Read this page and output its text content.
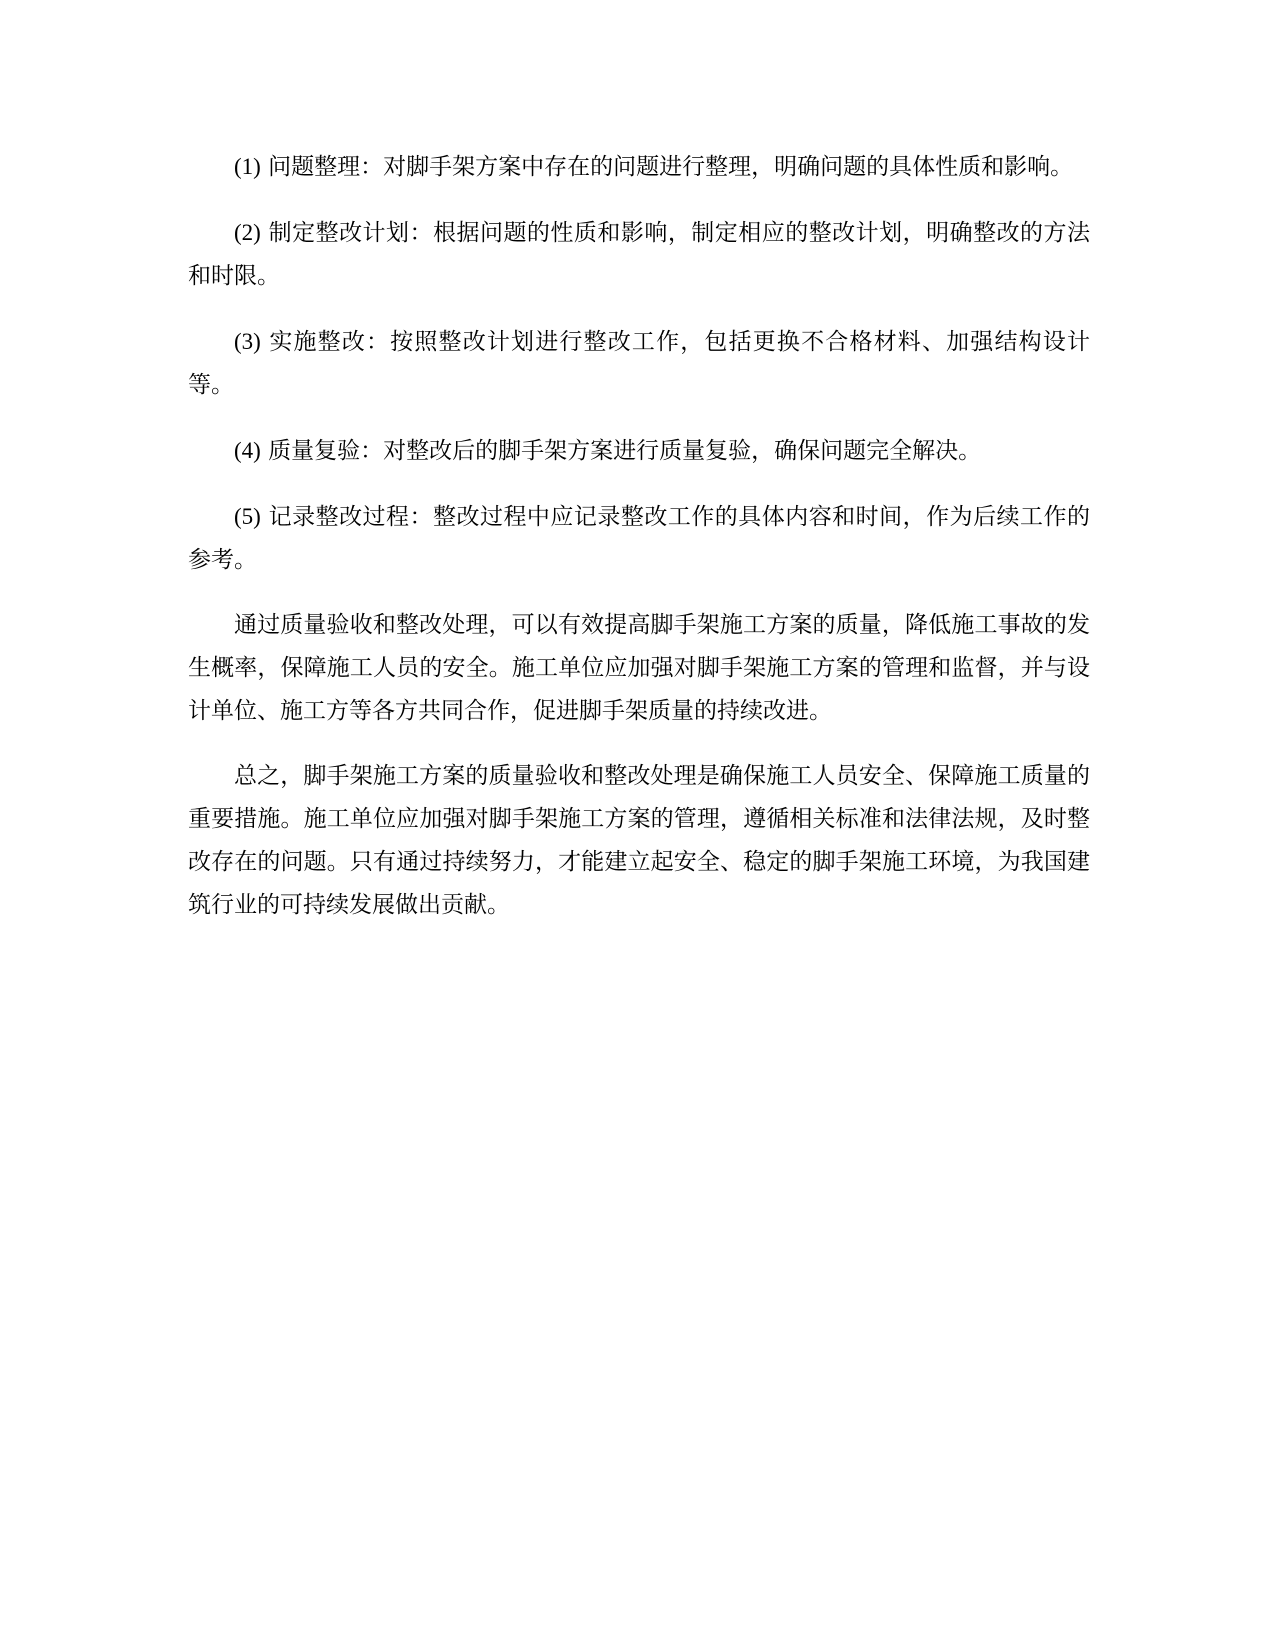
(1) 问题整理：对脚手架方案中存在的问题进行整理，明确问题的具体性质和影响。

(2) 制定整改计划：根据问题的性质和影响，制定相应的整改计划，明确整改的方法和时限。

(3) 实施整改：按照整改计划进行整改工作，包括更换不合格材料、加强结构设计等。

(4) 质量复验：对整改后的脚手架方案进行质量复验，确保问题完全解决。

(5) 记录整改过程：整改过程中应记录整改工作的具体内容和时间，作为后续工作的参考。

通过质量验收和整改处理，可以有效提高脚手架施工方案的质量，降低施工事故的发生概率，保障施工人员的安全。施工单位应加强对脚手架施工方案的管理和监督，并与设计单位、施工方等各方共同合作，促进脚手架质量的持续改进。

总之，脚手架施工方案的质量验收和整改处理是确保施工人员安全、保障施工质量的重要措施。施工单位应加强对脚手架施工方案的管理，遵循相关标准和法律法规，及时整改存在的问题。只有通过持续努力，才能建立起安全、稳定的脚手架施工环境，为我国建筑行业的可持续发展做出贡献。
